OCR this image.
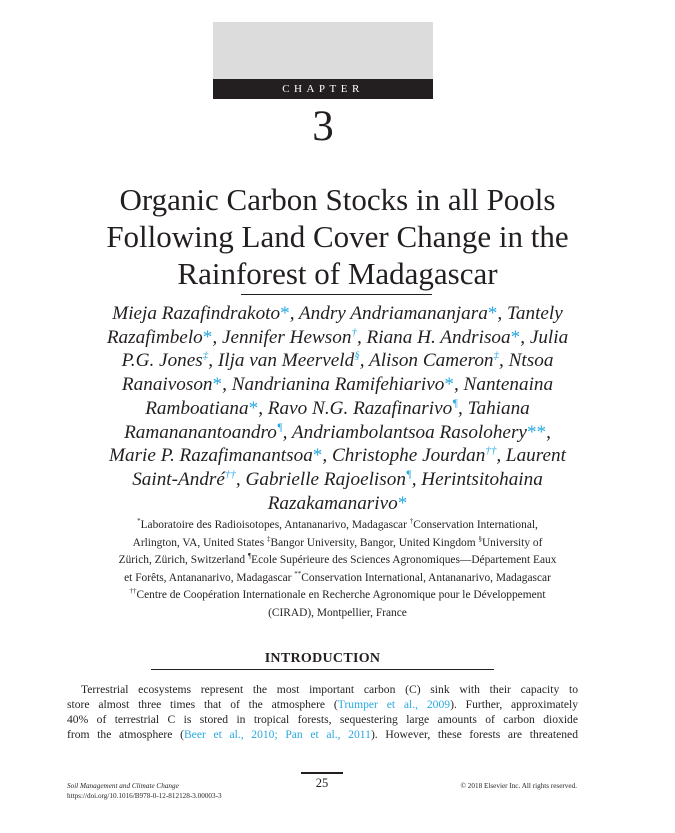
CHAPTER
3
Organic Carbon Stocks in all Pools
Following Land Cover Change in the
Rainforest of Madagascar
Mieja Razafindrakoto*, Andry Andriamananjara*, Tantely
Razafimbelo*, Jennifer Hewson†, Riana H. Andrisoa*, Julia
P.G. Jones‡, Ilja van Meerveld§, Alison Cameron‡, Ntsoa
Ranaivoson*, Nandrianina Ramifehiarivo*, Nantenaina
Ramboatiana*, Ravo N.G. Razafinarivo¶, Tahiana
Ramananantoandro¶, Andriambolantsoa Rasolohery**,
Marie P. Razafimanantsoa*, Christophe Jourdan††, Laurent
Saint-André††, Gabrielle Rajoelison¶, Herintsitohaina
Razakamanarivo*
*Laboratoire des Radioisotopes, Antananarivo, Madagascar †Conservation International,
Arlington, VA, United States ‡Bangor University, Bangor, United Kingdom §University of
Zürich, Zürich, Switzerland ¶Ecole Supérieure des Sciences Agronomiques—Département Eaux
et Forêts, Antananarivo, Madagascar **Conservation International, Antananarivo, Madagascar
††Centre de Coopération Internationale en Recherche Agronomique pour le Développement
(CIRAD), Montpellier, France
INTRODUCTION
Terrestrial ecosystems represent the most important carbon (C) sink with their capacity to
store almost three times that of the atmosphere (Trumper et al., 2009). Further, approximately
40% of terrestrial C is stored in tropical forests, sequestering large amounts of carbon dioxide
from the atmosphere (Beer et al., 2010; Pan et al., 2011). However, these forests are threatened
25
Soil Management and Climate Change
https://doi.org/10.1016/B978-0-12-812128-3.00003-3
© 2018 Elsevier Inc. All rights reserved.
